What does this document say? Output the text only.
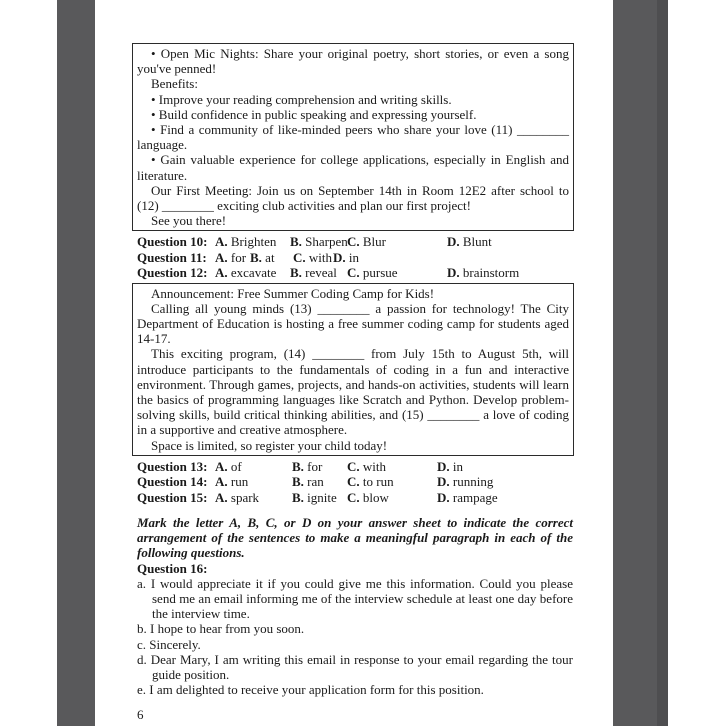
• Open Mic Nights: Share your original poetry, short stories, or even a song you've penned!

Benefits:

• Improve your reading comprehension and writing skills.

• Build confidence in public speaking and expressing yourself.

• Find a community of like-minded peers who share your love (11) ________ language.

• Gain valuable experience for college applications, especially in English and literature.

Our First Meeting: Join us on September 14th in Room 12E2 after school to (12) ________ exciting club activities and plan our first project!

See you there!

Question 10: A. Brighten B. Sharpen C. Blur	D. Blunt
Question 11: A. for B. at C. with D. in
Question 12: A. excavate B. reveal C. pursue	D. brainstorm

Announcement: Free Summer Coding Camp for Kids!

Calling all young minds (13) ________ a passion for technology! The City Department of Education is hosting a free summer coding camp for students aged 14-17.

This exciting program, (14) ________ from July 15th to August 5th, will introduce participants to the fundamentals of coding in a fun and interactive environment. Through games, projects, and hands-on activities, students will learn the basics of programming languages like Scratch and Python. Develop problem-solving skills, build critical thinking abilities, and (15) ________ a love of coding in a supportive and creative atmosphere.

Space is limited, so register your child today!

Question 13: A. of	B. for C. with	D. in
Question 14: A. run	B. ran C. to run	D. running
Question 15: A. spark	B. ignite C. blow	D. rampage

Mark the letter A, B, C, or D on your answer sheet to indicate the correct arrangement of the sentences to make a meaningful paragraph in each of the following questions.

Question 16:

a. I would appreciate it if you could give me this information. Could you please send me an email informing me of the interview schedule at least one day before the interview time.

b. I hope to hear from you soon.

c. Sincerely.

d. Dear Mary, I am writing this email in response to your email regarding the tour guide position.

e. I am delighted to receive your application form for this position.

6
